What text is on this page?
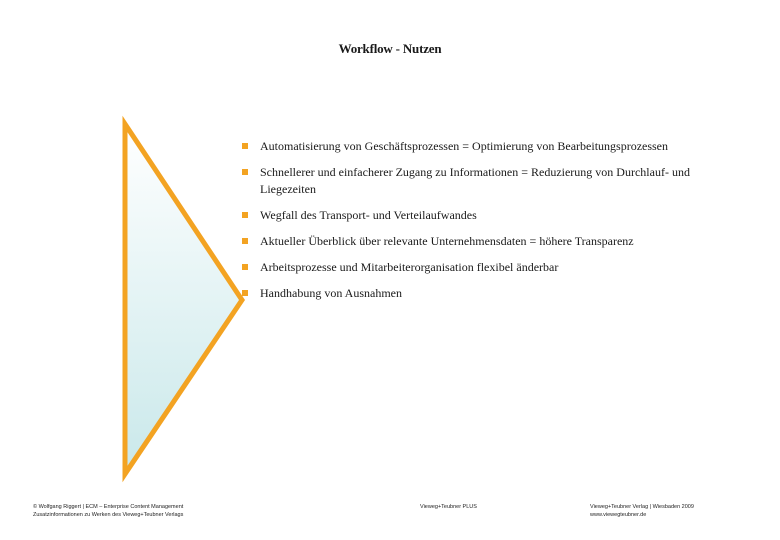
Workflow - Nutzen
Automatisierung von Geschäftsprozessen = Optimierung von Bearbeitungsprozessen
Schnellerer und einfacherer Zugang zu Informationen = Reduzierung von Durchlauf- und Liegezeiten
Wegfall des Transport- und Verteilaufwandes
Aktueller Überblick über relevante Unternehmensdaten = höhere Transparenz
Arbeitsprozesse und Mitarbeiterorganisation flexibel änderbar
Handhabung von Ausnahmen
© Wolfgang Riggert | ECM – Enterprise Content Management
Zusatzinformationen zu Werken des Vieweg+Teubner Verlags
Vieweg+Teubner PLUS	Vieweg+Teubner Verlag | Wiesbaden 2009
www.viewegteubner.de
